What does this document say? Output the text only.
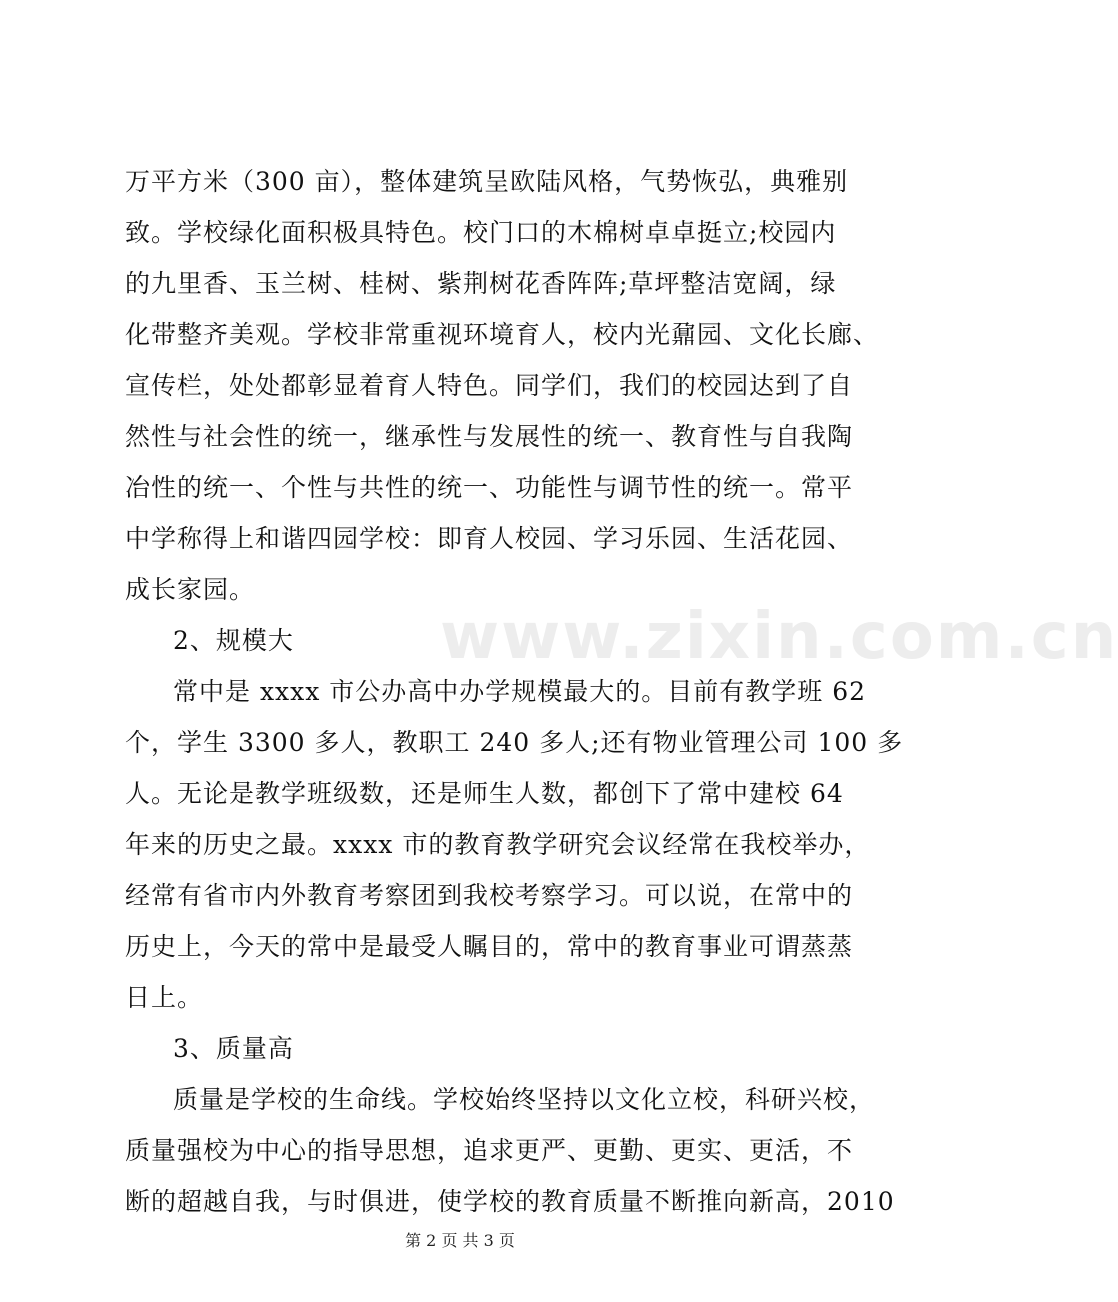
www.zixin.com.cn
万平方米（300 亩），整体建筑呈欧陆风格，气势恢弘，典雅别
致。学校绿化面积极具特色。校门口的木棉树卓卓挺立;校园内
的九里香、玉兰树、桂树、紫荆树花香阵阵;草坪整洁宽阔，绿
化带整齐美观。学校非常重视环境育人，校内光鼐园、文化长廊、
宣传栏，处处都彰显着育人特色。同学们，我们的校园达到了自
然性与社会性的统一，继承性与发展性的统一、教育性与自我陶
冶性的统一、个性与共性的统一、功能性与调节性的统一。常平
中学称得上和谐四园学校：即育人校园、学习乐园、生活花园、
成长家园。
2、规模大
常中是 xxxx 市公办高中办学规模最大的。目前有教学班 62
个，学生 3300 多人，教职工 240 多人;还有物业管理公司 100 多
人。无论是教学班级数，还是师生人数，都创下了常中建校 64
年来的历史之最。xxxx 市的教育教学研究会议经常在我校举办，
经常有省市内外教育考察团到我校考察学习。可以说，在常中的
历史上，今天的常中是最受人瞩目的，常中的教育事业可谓蒸蒸
日上。
第 2 页 共 3 页
3、质量高
质量是学校的生命线。学校始终坚持以文化立校，科研兴校，
质量强校为中心的指导思想，追求更严、更勤、更实、更活，不
断的超越自我，与时俱进，使学校的教育质量不断推向新高，2010
